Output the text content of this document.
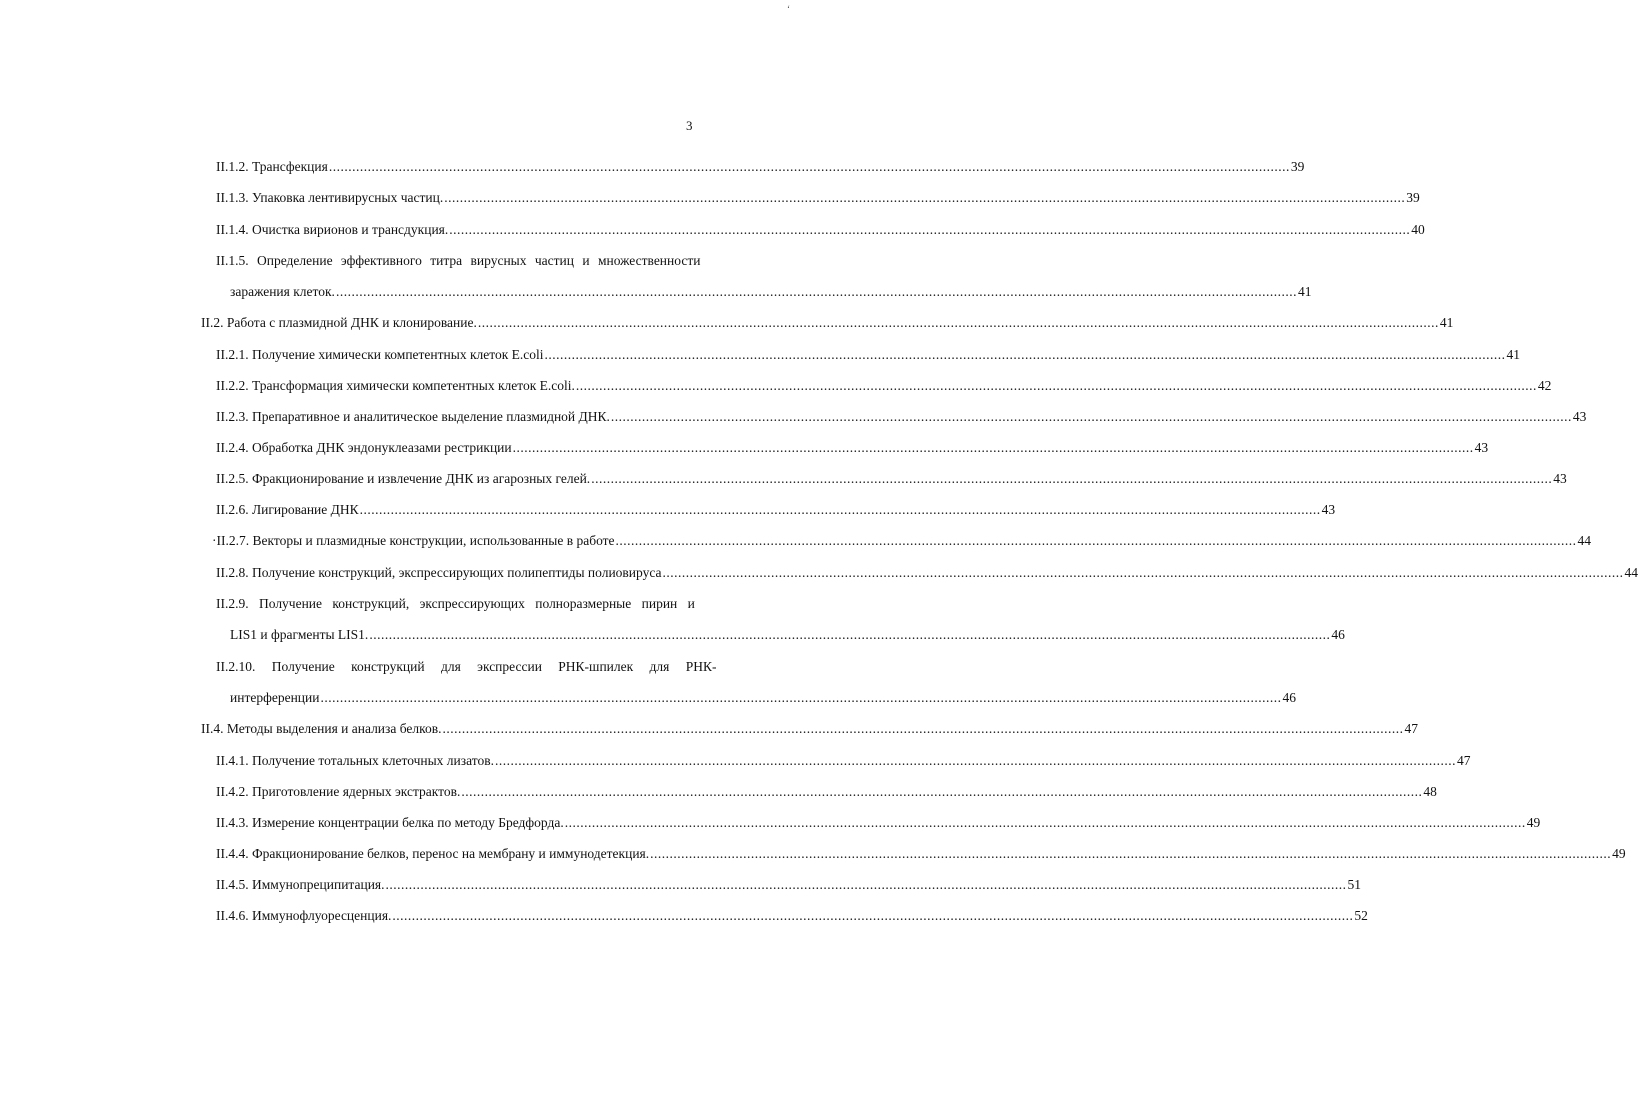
3
‘
II.1.2. Трансфекция .....	39
II.1.3. Упаковка лентивирусных частиц. .....	39
II.1.4. Очистка вирионов и трансдукция. .....	40
II.1.5. Определение эффективного титра вирусных частиц и множественности
заражения клеток. .....	41
II.2. Работа с плазмидной ДНК и клонирование. .....	41
II.2.1. Получение химически компетентных клеток E.coli .....	41
II.2.2. Трансформация химически компетентных клеток E.coli. .....	42
II.2.3. Препаративное и аналитическое выделение плазмидной ДНК. .....	43
II.2.4. Обработка ДНК эндонуклеазами рестрикции .....	43
II.2.5. Фракционирование и извлечение ДНК из агарозных гелей. .....	43
II.2.6. Лигирование ДНК .....	43
·II.2.7. Векторы и плазмидные конструкции, использованные в работе .....	44
II.2.8. Получение конструкций, экспрессирующих полипептиды полиовируса .....	44
II.2.9. Получение конструкций, экспрессирующих полноразмерные пирин и
LIS1 и фрагменты LIS1. .....	46
II.2.10. Получение конструкций для экспрессии РНК-шпилек для РНК-
интерференции .....	46
II.4. Методы выделения и анализа белков. .....	47
II.4.1. Получение тотальных клеточных лизатов. .....	47
II.4.2. Приготовление ядерных экстрактов. .....	48
II.4.3. Измерение концентрации белка по методу Бредфорда. .....	49
II.4.4. Фракционирование белков, перенос на мембрану и иммунодетекция. .....	49
II.4.5. Иммунопреципитация. .....	51
II.4.6. Иммунофлуоресценция. .....	52
